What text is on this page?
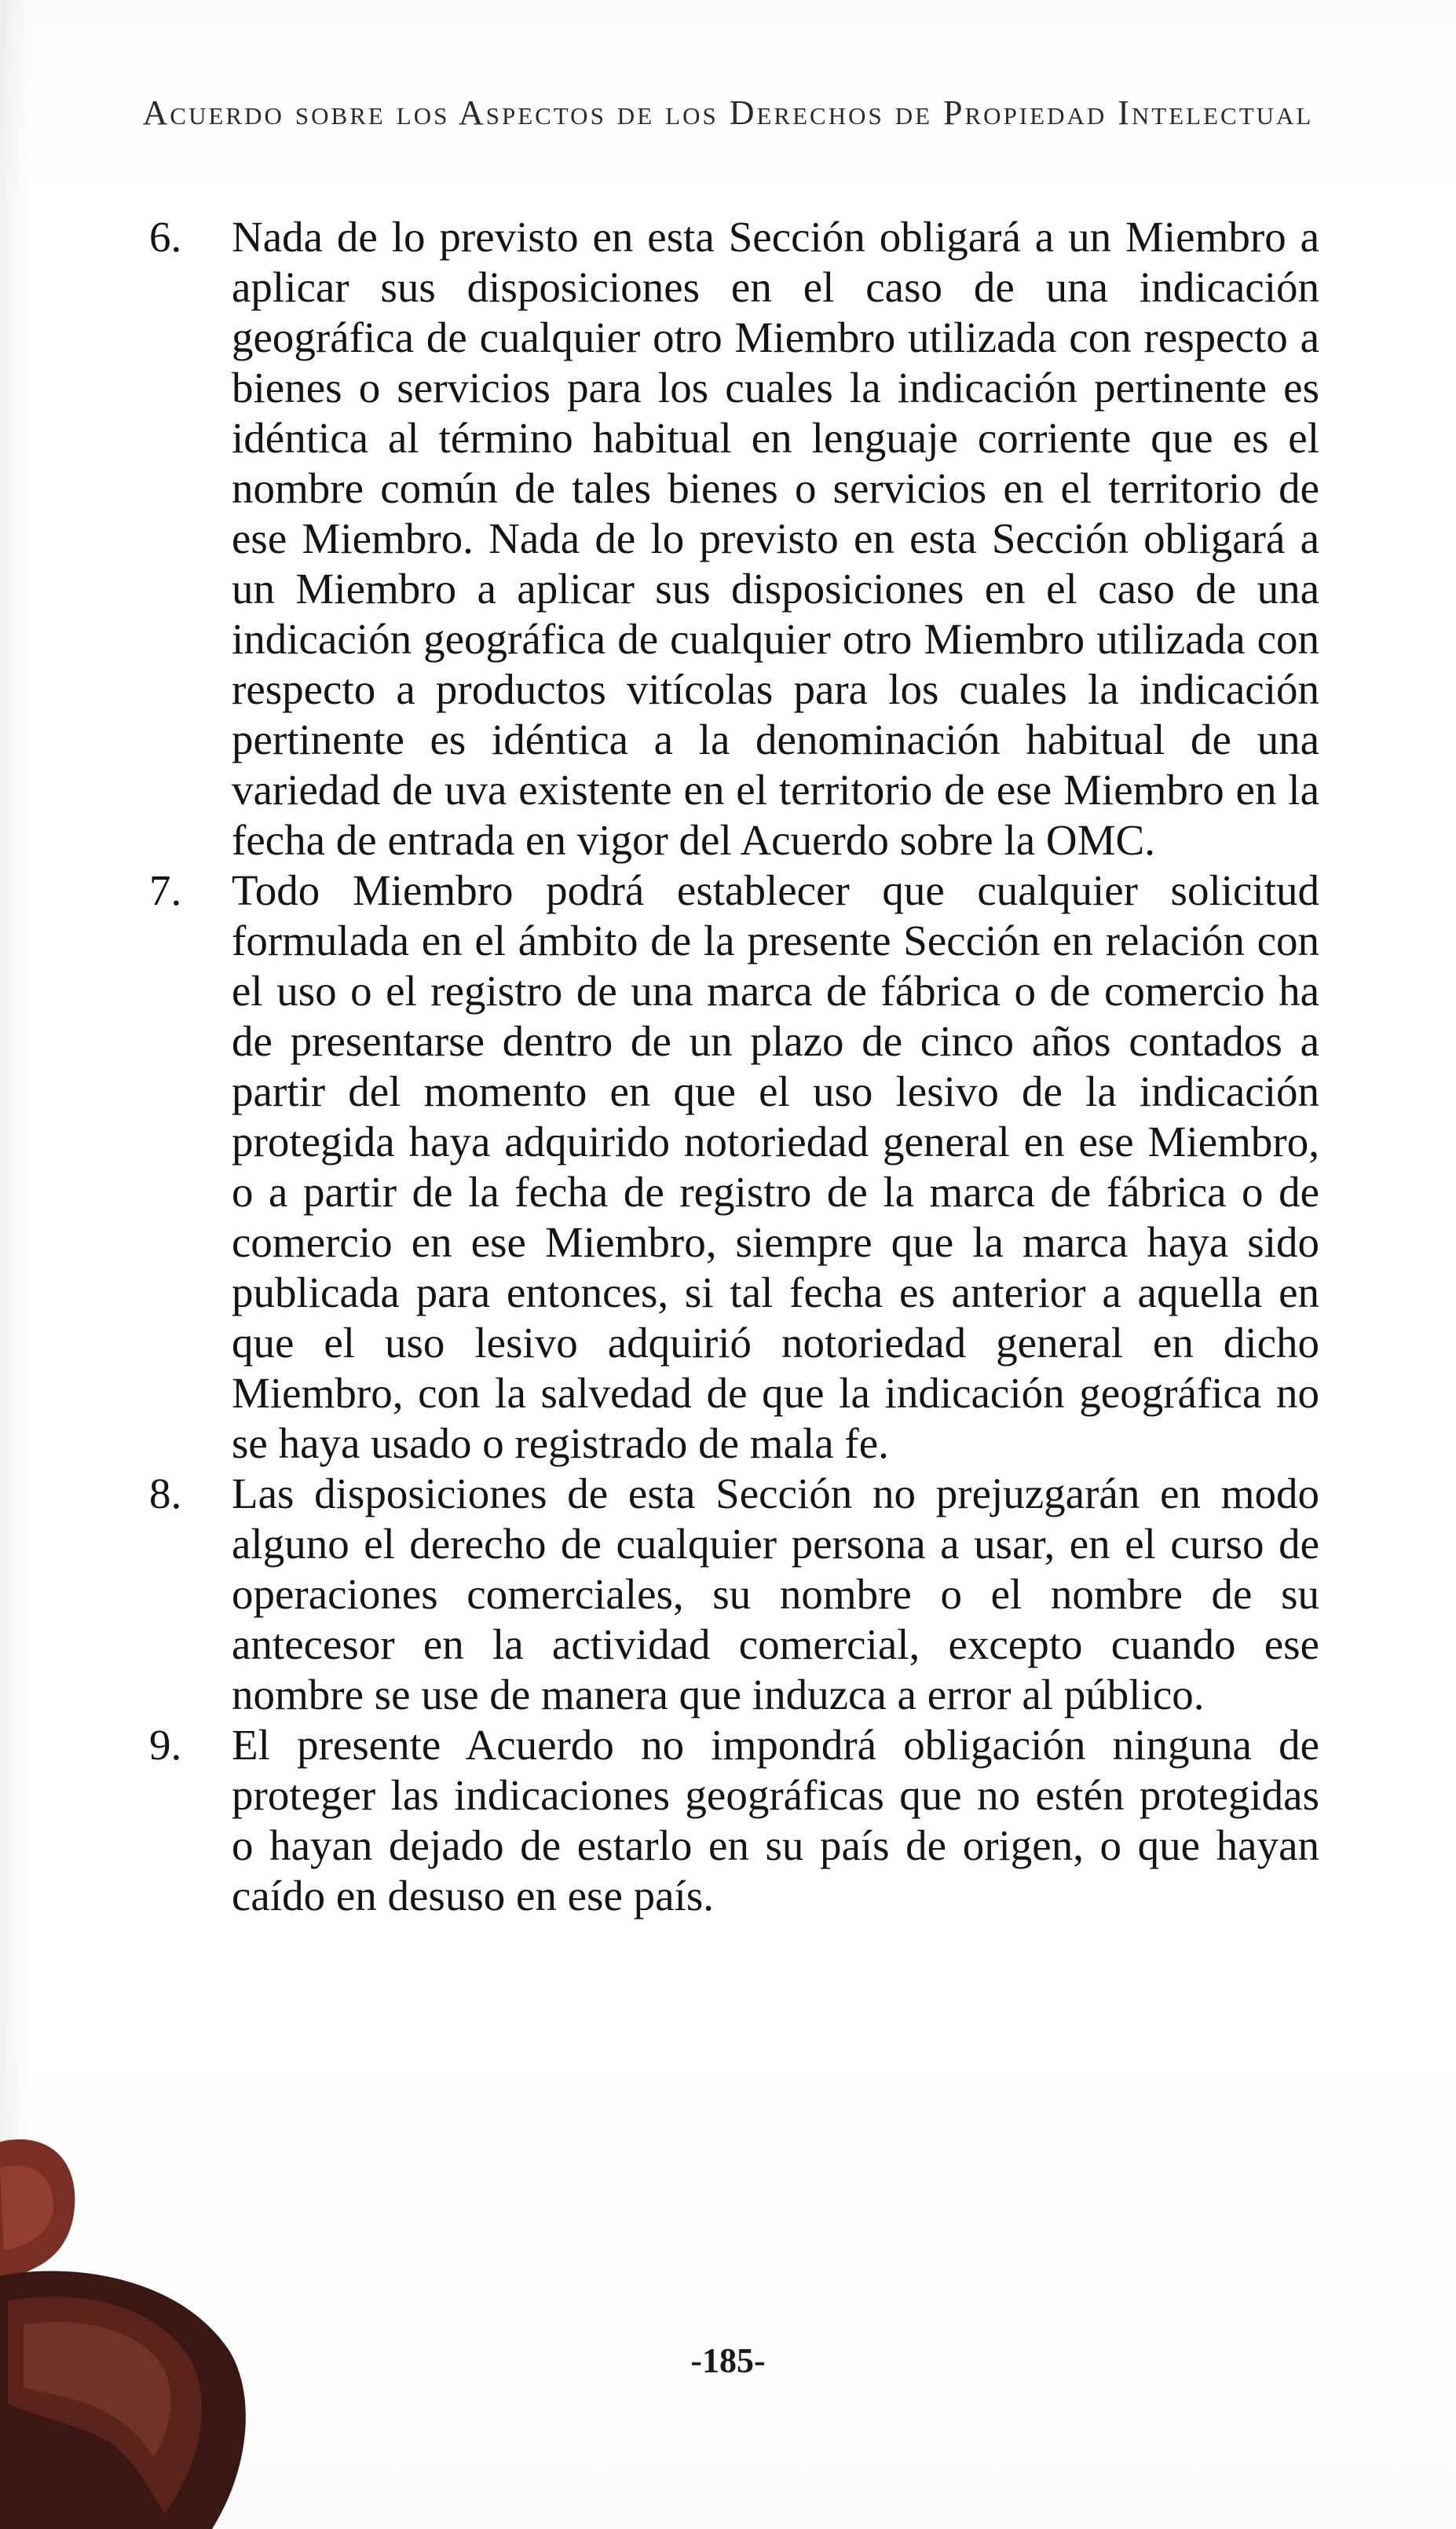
Acuerdo sobre los Aspectos de los Derechos de Propiedad Intelectual
6.	Nada de lo previsto en esta Sección obligará a un Miembro a aplicar sus disposiciones en el caso de una indicación geográfica de cualquier otro Miembro utilizada con respecto a bienes o servicios para los cuales la indicación pertinente es idéntica al término habitual en lenguaje corriente que es el nombre común de tales bienes o servicios en el territorio de ese Miembro. Nada de lo previsto en esta Sección obligará a un Miembro a aplicar sus disposiciones en el caso de una indicación geográfica de cualquier otro Miembro utilizada con respecto a productos vitícolas para los cuales la indicación pertinente es idéntica a la denominación habitual de una variedad de uva existente en el territorio de ese Miembro en la fecha de entrada en vigor del Acuerdo sobre la OMC.
7.	Todo Miembro podrá establecer que cualquier solicitud formulada en el ámbito de la presente Sección en relación con el uso o el registro de una marca de fábrica o de comercio ha de presentarse dentro de un plazo de cinco años contados a partir del momento en que el uso lesivo de la indicación protegida haya adquirido notoriedad general en ese Miembro, o a partir de la fecha de registro de la marca de fábrica o de comercio en ese Miembro, siempre que la marca haya sido publicada para entonces, si tal fecha es anterior a aquella en que el uso lesivo adquirió notoriedad general en dicho Miembro, con la salvedad de que la indicación geográfica no se haya usado o registrado de mala fe.
8.	Las disposiciones de esta Sección no prejuzgarán en modo alguno el derecho de cualquier persona a usar, en el curso de operaciones comerciales, su nombre o el nombre de su antecesor en la actividad comercial, excepto cuando ese nombre se use de manera que induzca a error al público.
9.	El presente Acuerdo no impondrá obligación ninguna de proteger las indicaciones geográficas que no estén protegidas o hayan dejado de estarlo en su país de origen, o que hayan caído en desuso en ese país.
-185-
